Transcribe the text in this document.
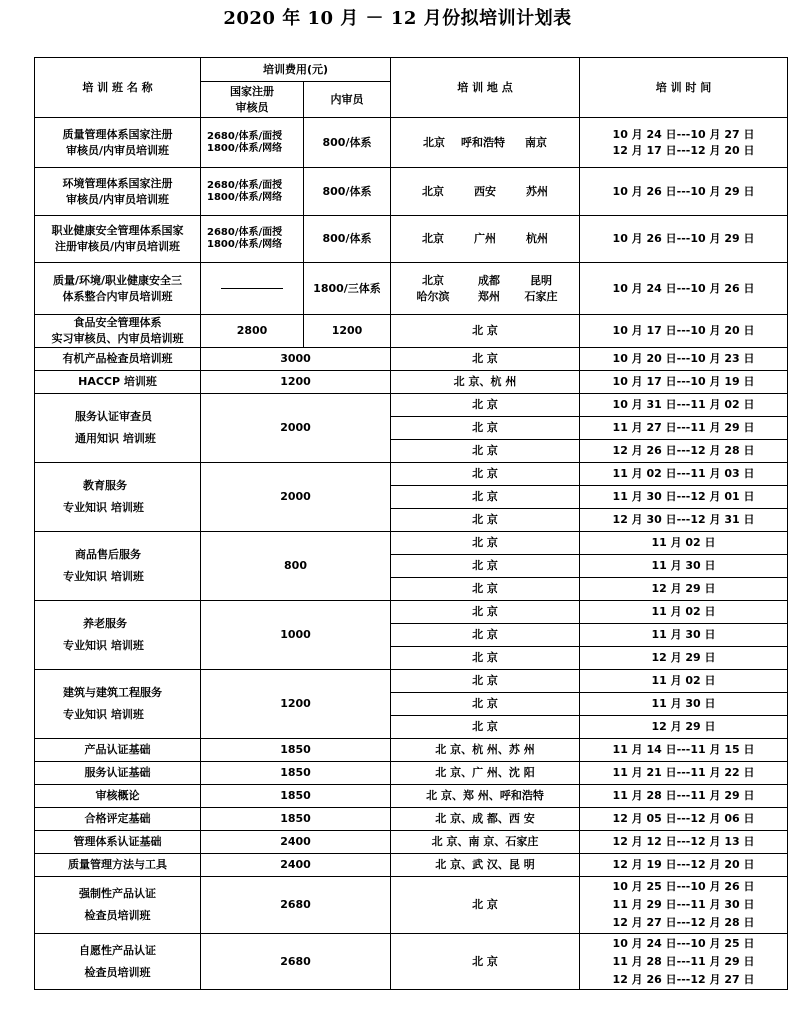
2020 年 10 月 － 12 月份拟培训计划表
培 训 班 名 称	培训费用(元)		培 训 地 点	培 训 时 间

	国家注册
审核员	内审员		

质量管理体系国家注册
审核员/内审员培训班	2680/体系/面授
1800/体系/网络	800/体系	北京 呼和浩特 南京	10 月 24 日---10 月 27 日
12 月 17 日---12 月 20 日

环境管理体系国家注册
审核员/内审员培训班	2680/体系/面授
1800/体系/网络	800/体系	北京 西安 苏州	10 月 26 日---10 月 29 日

职业健康安全管理体系国家
注册审核员/内审员培训班	2680/体系/面授
1800/体系/网络	800/体系	北京 广州 杭州	10 月 26 日---10 月 29 日

质量/环境/职业健康安全三
体系整合内审员培训班		1800/三体系	北京 成都 昆明
哈尔滨 郑州 石家庄	10 月 24 日---10 月 26 日

食品安全管理体系
实习审核员、内审员培训班	2800	1200	北 京	10 月 17 日---10 月 20 日
有机产品检查员培训班	3000		北 京	10 月 20 日---10 月 23 日
HACCP 培训班	1200		北 京、杭 州	10 月 17 日---10 月 19 日

服务认证审查员
通用知识 培训班	2000		北 京	10 月 31 日---11 月 02 日
			北 京	11 月 27 日---11 月 29 日
			北 京	12 月 26 日---12 月 28 日

教育服务
专业知识 培训班	2000		北 京	11 月 02 日---11 月 03 日
			北 京	11 月 30 日---12 月 01 日
			北 京	12 月 30 日---12 月 31 日

商品售后服务
专业知识 培训班	800		北 京	11 月 02 日
			北 京	11 月 30 日
			北 京	12 月 29 日

养老服务
专业知识 培训班	1000		北 京	11 月 02 日
			北 京	11 月 30 日
			北 京	12 月 29 日

建筑与建筑工程服务
专业知识 培训班	1200		北 京	11 月 02 日
			北 京	11 月 30 日
			北 京	12 月 29 日
产品认证基础	1850		北 京、杭 州、苏 州	11 月 14 日---11 月 15 日
服务认证基础	1850		北 京、广 州、沈 阳	11 月 21 日---11 月 22 日
审核概论	1850		北 京、郑 州、呼和浩特	11 月 28 日---11 月 29 日
合格评定基础	1850		北 京、成 都、西 安	12 月 05 日---12 月 06 日
管理体系认证基础	2400		北 京、南 京、石家庄	12 月 12 日---12 月 13 日
质量管理方法与工具	2400		北 京、武 汉、昆 明	12 月 19 日---12 月 20 日

强制性产品认证
检查员培训班	2680		北 京	10 月 25 日---10 月 26 日
11 月 29 日---11 月 30 日
12 月 27 日---12 月 28 日

自愿性产品认证
检查员培训班	2680		北 京	10 月 24 日---10 月 25 日
11 月 28 日---11 月 29 日
12 月 26 日---12 月 27 日
